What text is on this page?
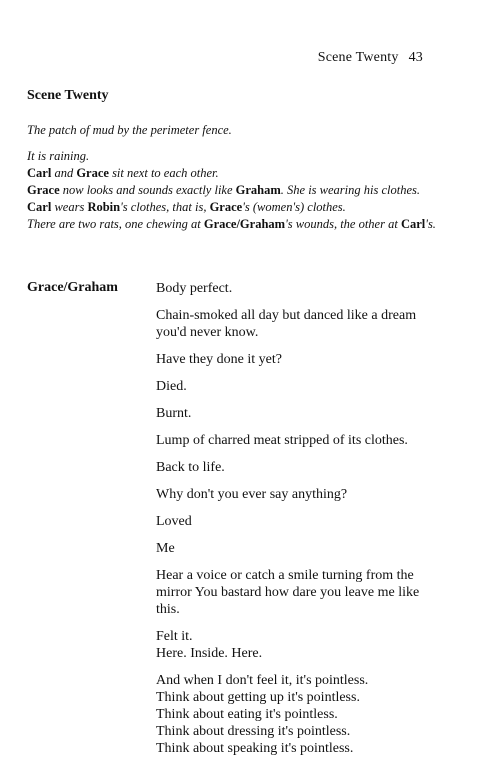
Scene Twenty 43
Scene Twenty
The patch of mud by the perimeter fence.
It is raining.
Carl and Grace sit next to each other.
Grace now looks and sounds exactly like Graham. She is wearing his clothes.
Carl wears Robin's clothes, that is, Grace's (women's) clothes.
There are two rats, one chewing at Grace/Graham's wounds, the other at Carl's.
Grace/Graham	Body perfect.
Chain-smoked all day but danced like a dream you'd never know.
Have they done it yet?
Died.
Burnt.
Lump of charred meat stripped of its clothes.
Back to life.
Why don't you ever say anything?
Loved
Me
Hear a voice or catch a smile turning from the mirror You bastard how dare you leave me like this.
Felt it.
Here. Inside. Here.
And when I don't feel it, it's pointless.
Think about getting up it's pointless.
Think about eating it's pointless.
Think about dressing it's pointless.
Think about speaking it's pointless.
